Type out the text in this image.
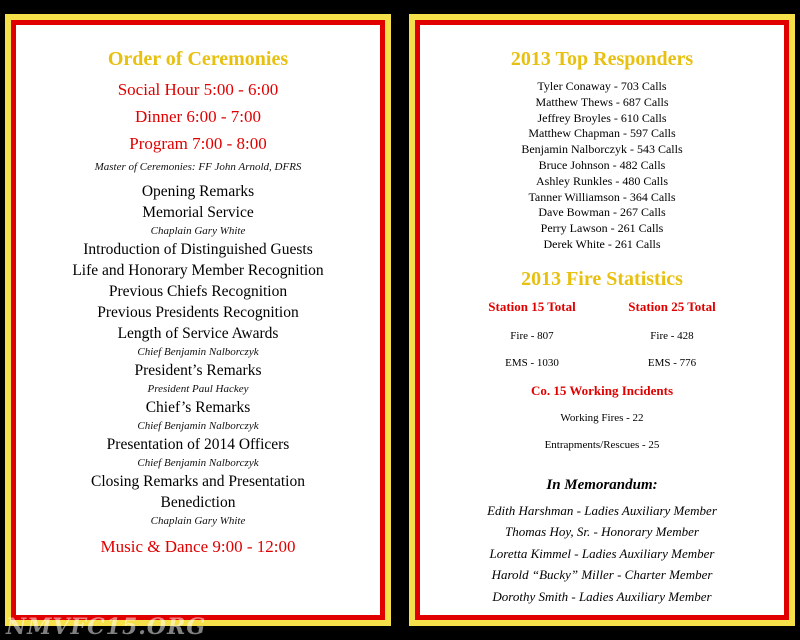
Order of Ceremonies

Social Hour 5:00 - 6:00

Dinner 6:00 - 7:00

Program 7:00 - 8:00

Master of Ceremonies: FF John Arnold, DFRS

Opening Remarks

Memorial Service

Chaplain Gary White

Introduction of Distinguished Guests

Life and Honorary Member Recognition

Previous Chiefs Recognition

Previous Presidents Recognition

Length of Service Awards

Chief Benjamin Nalborczyk

President’s Remarks

President Paul Hackey

Chief’s Remarks

Chief Benjamin Nalborczyk

Presentation of 2014 Officers

Chief Benjamin Nalborczyk

Closing Remarks and Presentation

Benediction

Chaplain Gary White

Music & Dance 9:00 - 12:00

2013 Top Responders

Tyler Conaway - 703 Calls

Matthew Thews - 687 Calls

Jeffrey Broyles - 610 Calls

Matthew Chapman - 597 Calls

Benjamin Nalborczyk - 543 Calls

Bruce Johnson - 482 Calls

Ashley Runkles - 480 Calls

Tanner Williamson - 364 Calls

Dave Bowman - 267 Calls

Perry Lawson - 261 Calls

Derek White - 261 Calls

2013 Fire Statistics

Station 15 Total

Fire - 807

EMS - 1030

Station 25 Total

Fire - 428

EMS - 776

Co. 15 Working Incidents

Working Fires - 22

Entrapments/Rescues - 25

In Memorandum:

Edith Harshman - Ladies Auxiliary Member

Thomas Hoy, Sr. - Honorary Member

Loretta Kimmel - Ladies Auxiliary Member

Harold “Bucky” Miller - Charter Member

Dorothy Smith - Ladies Auxiliary Member

NMVFC15.ORG
